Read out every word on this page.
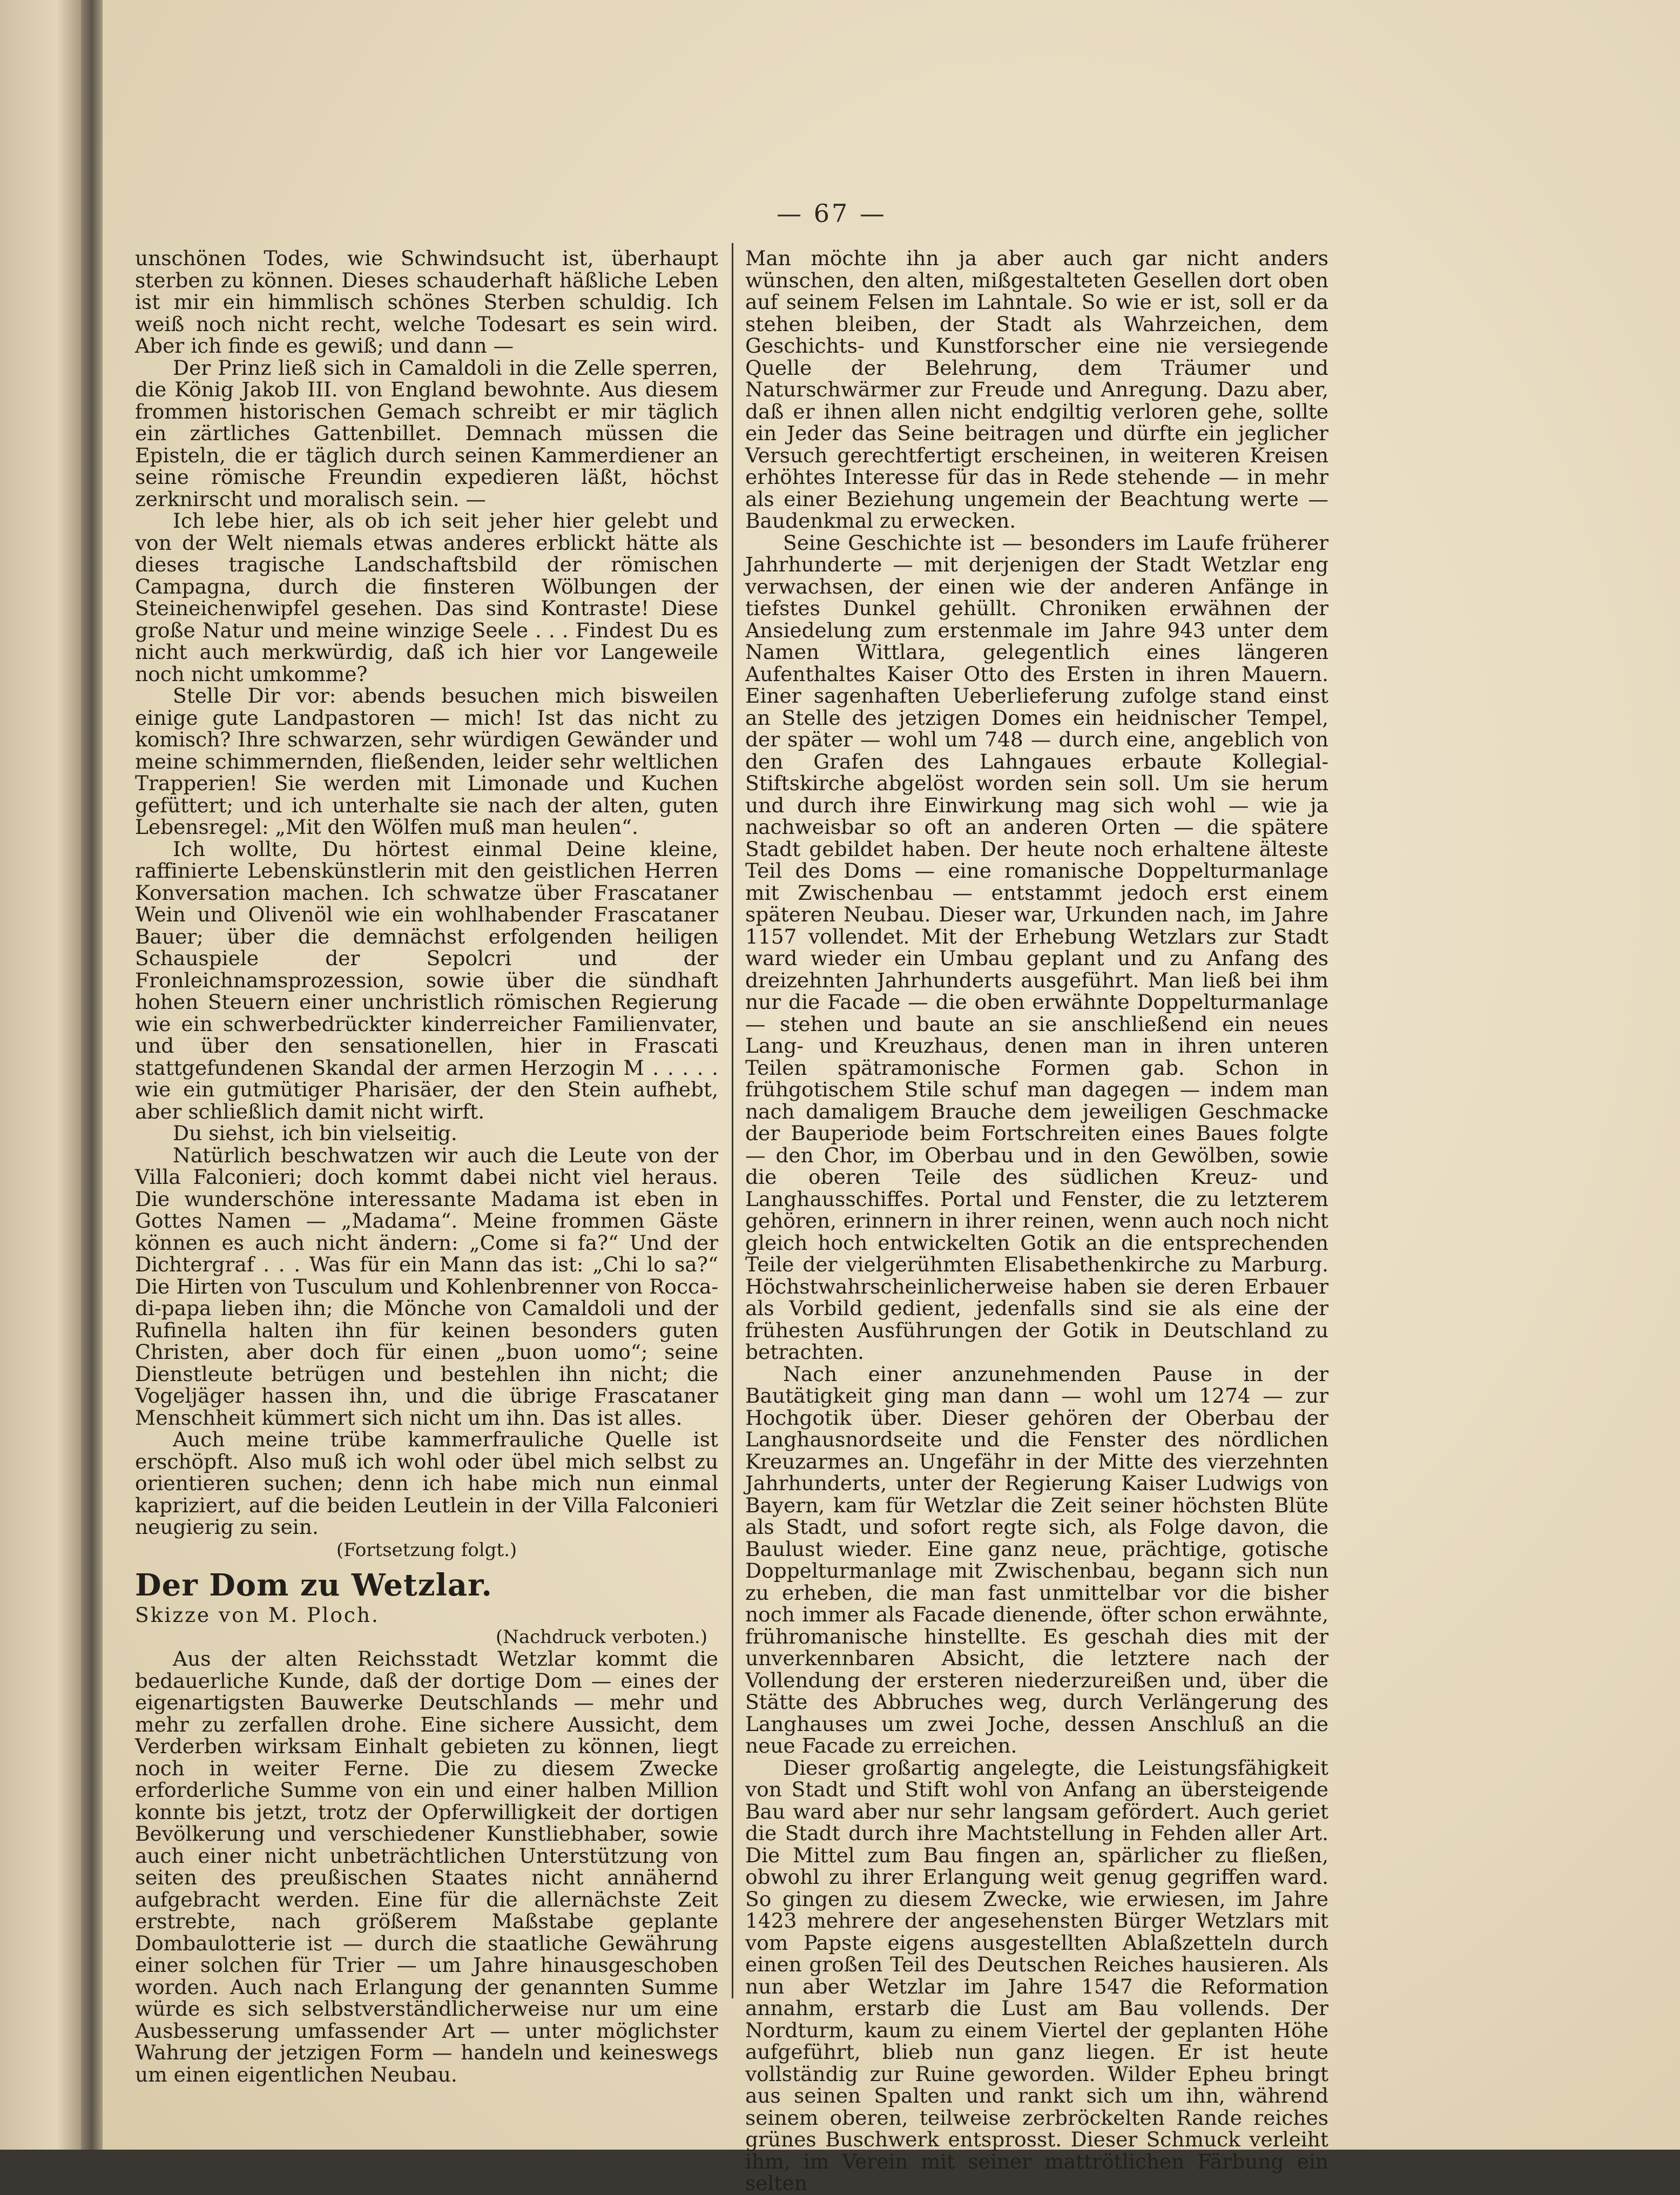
— 67 —

unschönen Todes, wie Schwindsucht ist, überhaupt sterben zu können. Dieses schauderhaft häßliche Leben ist mir ein himmlisch schönes Sterben schuldig. Ich weiß noch nicht recht, welche Todesart es sein wird. Aber ich finde es gewiß; und dann —

Der Prinz ließ sich in Camaldoli in die Zelle sperren, die König Jakob III. von England bewohnte. Aus diesem frommen historischen Gemach schreibt er mir täglich ein zärtliches Gattenbillet. Demnach müssen die Episteln, die er täglich durch seinen Kammerdiener an seine römische Freundin expedieren läßt, höchst zerknirscht und moralisch sein. —

Ich lebe hier, als ob ich seit jeher hier gelebt und von der Welt niemals etwas anderes erblickt hätte als dieses tragische Landschaftsbild der römischen Campagna, durch die finsteren Wölbungen der Steineichenwipfel gesehen. Das sind Kontraste! Diese große Natur und meine winzige Seele . . . Findest Du es nicht auch merkwürdig, daß ich hier vor Langeweile noch nicht umkomme?

Stelle Dir vor: abends besuchen mich bisweilen einige gute Landpastoren — mich! Ist das nicht zu komisch? Ihre schwarzen, sehr würdigen Gewänder und meine schimmernden, fließenden, leider sehr weltlichen Trapperien! Sie werden mit Limonade und Kuchen gefüttert; und ich unterhalte sie nach der alten, guten Lebensregel: „Mit den Wölfen muß man heulen“.

Ich wollte, Du hörtest einmal Deine kleine, raffinierte Lebenskünstlerin mit den geistlichen Herren Konversation machen. Ich schwatze über Frascataner Wein und Olivenöl wie ein wohlhabender Frascataner Bauer; über die demnächst erfolgenden heiligen Schauspiele der Sepolcri und der Fronleichnamsprozession, sowie über die sündhaft hohen Steuern einer unchristlich römischen Regierung wie ein schwerbedrückter kinderreicher Familienvater, und über den sensationellen, hier in Frascati stattgefundenen Skandal der armen Herzogin M . . . . . wie ein gutmütiger Pharisäer, der den Stein aufhebt, aber schließlich damit nicht wirft.

Du siehst, ich bin vielseitig.

Natürlich beschwatzen wir auch die Leute von der Villa Falconieri; doch kommt dabei nicht viel heraus. Die wunderschöne interessante Madama ist eben in Gottes Namen — „Madama“. Meine frommen Gäste können es auch nicht ändern: „Come si fa?“ Und der Dichtergraf . . . Was für ein Mann das ist: „Chi lo sa?“ Die Hirten von Tusculum und Kohlenbrenner von Rocca-di-papa lieben ihn; die Mönche von Camaldoli und der Rufinella halten ihn für keinen besonders guten Christen, aber doch für einen „buon uomo“; seine Dienstleute betrügen und bestehlen ihn nicht; die Vogeljäger hassen ihn, und die übrige Frascataner Menschheit kümmert sich nicht um ihn. Das ist alles.

Auch meine trübe kammerfrauliche Quelle ist erschöpft. Also muß ich wohl oder übel mich selbst zu orientieren suchen; denn ich habe mich nun einmal kapriziert, auf die beiden Leutlein in der Villa Falconieri neugierig zu sein.

(Fortsetzung folgt.)

Der Dom zu Wetzlar.

Skizze von M. Ploch.

(Nachdruck verboten.)

Aus der alten Reichsstadt Wetzlar kommt die bedauerliche Kunde, daß der dortige Dom — eines der eigenartigsten Bauwerke Deutschlands — mehr und mehr zu zerfallen drohe. Eine sichere Aussicht, dem Verderben wirksam Einhalt gebieten zu können, liegt noch in weiter Ferne. Die zu diesem Zwecke erforderliche Summe von ein und einer halben Million konnte bis jetzt, trotz der Opferwilligkeit der dortigen Bevölkerung und verschiedener Kunstliebhaber, sowie auch einer nicht unbeträchtlichen Unterstützung von seiten des preußischen Staates nicht annähernd aufgebracht werden. Eine für die allernächste Zeit erstrebte, nach größerem Maßstabe geplante Dombaulotterie ist — durch die staatliche Gewährung einer solchen für Trier — um Jahre hinausgeschoben worden. Auch nach Erlangung der genannten Summe würde es sich selbstverständlicherweise nur um eine Ausbesserung umfassender Art — unter möglichster Wahrung der jetzigen Form — handeln und keineswegs um einen eigentlichen Neubau.

Man möchte ihn ja aber auch gar nicht anders wünschen, den alten, mißgestalteten Gesellen dort oben auf seinem Felsen im Lahntale. So wie er ist, soll er da stehen bleiben, der Stadt als Wahrzeichen, dem Geschichts- und Kunstforscher eine nie versiegende Quelle der Belehrung, dem Träumer und Naturschwärmer zur Freude und Anregung. Dazu aber, daß er ihnen allen nicht endgiltig verloren gehe, sollte ein Jeder das Seine beitragen und dürfte ein jeglicher Versuch gerechtfertigt erscheinen, in weiteren Kreisen erhöhtes Interesse für das in Rede stehende — in mehr als einer Beziehung ungemein der Beachtung werte — Baudenkmal zu erwecken.

Seine Geschichte ist — besonders im Laufe früherer Jahrhunderte — mit derjenigen der Stadt Wetzlar eng verwachsen, der einen wie der anderen Anfänge in tiefstes Dunkel gehüllt. Chroniken erwähnen der Ansiedelung zum erstenmale im Jahre 943 unter dem Namen Wittlara, gelegentlich eines längeren Aufenthaltes Kaiser Otto des Ersten in ihren Mauern. Einer sagenhaften Ueberlieferung zufolge stand einst an Stelle des jetzigen Domes ein heidnischer Tempel, der später — wohl um 748 — durch eine, angeblich von den Grafen des Lahngaues erbaute Kollegial-Stiftskirche abgelöst worden sein soll. Um sie herum und durch ihre Einwirkung mag sich wohl — wie ja nachweisbar so oft an anderen Orten — die spätere Stadt gebildet haben. Der heute noch erhaltene älteste Teil des Doms — eine romanische Doppelturmanlage mit Zwischenbau — entstammt jedoch erst einem späteren Neubau. Dieser war, Urkunden nach, im Jahre 1157 vollendet. Mit der Erhebung Wetzlars zur Stadt ward wieder ein Umbau geplant und zu Anfang des dreizehnten Jahrhunderts ausgeführt. Man ließ bei ihm nur die Facade — die oben erwähnte Doppelturmanlage — stehen und baute an sie anschließend ein neues Lang- und Kreuzhaus, denen man in ihren unteren Teilen spätramonische Formen gab. Schon in frühgotischem Stile schuf man dagegen — indem man nach damaligem Brauche dem jeweiligen Geschmacke der Bauperiode beim Fortschreiten eines Baues folgte — den Chor, im Oberbau und in den Gewölben, sowie die oberen Teile des südlichen Kreuz- und Langhausschiffes. Portal und Fenster, die zu letzterem gehören, erinnern in ihrer reinen, wenn auch noch nicht gleich hoch entwickelten Gotik an die entsprechenden Teile der vielgerühmten Elisabethenkirche zu Marburg. Höchstwahrscheinlicherweise haben sie deren Erbauer als Vorbild gedient, jedenfalls sind sie als eine der frühesten Ausführungen der Gotik in Deutschland zu betrachten.

Nach einer anzunehmenden Pause in der Bautätigkeit ging man dann — wohl um 1274 — zur Hochgotik über. Dieser gehören der Oberbau der Langhausnordseite und die Fenster des nördlichen Kreuzarmes an. Ungefähr in der Mitte des vierzehnten Jahrhunderts, unter der Regierung Kaiser Ludwigs von Bayern, kam für Wetzlar die Zeit seiner höchsten Blüte als Stadt, und sofort regte sich, als Folge davon, die Baulust wieder. Eine ganz neue, prächtige, gotische Doppelturmanlage mit Zwischenbau, begann sich nun zu erheben, die man fast unmittelbar vor die bisher noch immer als Facade dienende, öfter schon erwähnte, frühromanische hinstellte. Es geschah dies mit der unverkennbaren Absicht, die letztere nach der Vollendung der ersteren niederzureißen und, über die Stätte des Abbruches weg, durch Verlängerung des Langhauses um zwei Joche, dessen Anschluß an die neue Facade zu erreichen.

Dieser großartig angelegte, die Leistungsfähigkeit von Stadt und Stift wohl von Anfang an übersteigende Bau ward aber nur sehr langsam gefördert. Auch geriet die Stadt durch ihre Machtstellung in Fehden aller Art. Die Mittel zum Bau fingen an, spärlicher zu fließen, obwohl zu ihrer Erlangung weit genug gegriffen ward. So gingen zu diesem Zwecke, wie erwiesen, im Jahre 1423 mehrere der angesehensten Bürger Wetzlars mit vom Papste eigens ausgestellten Ablaßzetteln durch einen großen Teil des Deutschen Reiches hausieren. Als nun aber Wetzlar im Jahre 1547 die Reformation annahm, erstarb die Lust am Bau vollends. Der Nordturm, kaum zu einem Viertel der geplanten Höhe aufgeführt, blieb nun ganz liegen. Er ist heute vollständig zur Ruine geworden. Wilder Epheu bringt aus seinen Spalten und rankt sich um ihn, während seinem oberen, teilweise zerbröckelten Rande reiches grünes Buschwerk entsprosst. Dieser Schmuck verleiht ihm, im Verein mit seiner mattrötlichen Färbung ein selten
